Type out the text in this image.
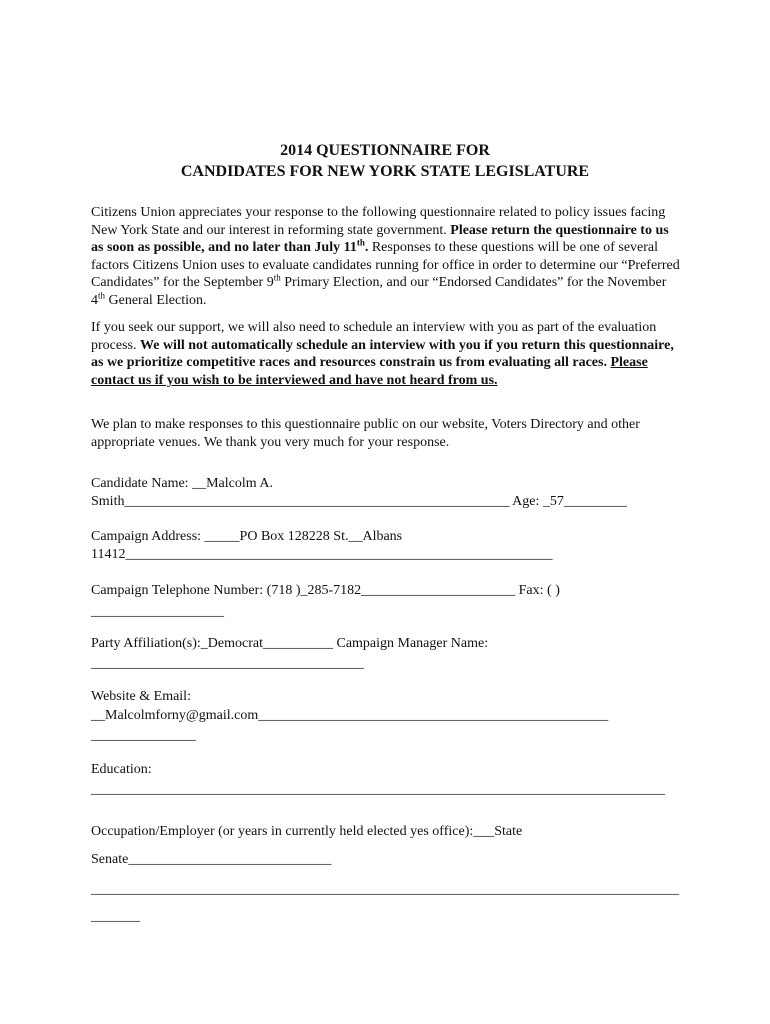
2014 QUESTIONNAIRE FOR
CANDIDATES FOR NEW YORK STATE LEGISLATURE
Citizens Union appreciates your response to the following questionnaire related to policy issues facing New York State and our interest in reforming state government. Please return the questionnaire to us as soon as possible, and no later than July 11th. Responses to these questions will be one of several factors Citizens Union uses to evaluate candidates running for office in order to determine our “Preferred Candidates” for the September 9th Primary Election, and our “Endorsed Candidates” for the November 4th General Election.
If you seek our support, we will also need to schedule an interview with you as part of the evaluation process. We will not automatically schedule an interview with you if you return this questionnaire, as we prioritize competitive races and resources constrain us from evaluating all races. Please contact us if you wish to be interviewed and have not heard from us.
We plan to make responses to this questionnaire public on our website, Voters Directory and other appropriate venues. We thank you very much for your response.
Candidate Name: __Malcolm A.
Smith_______________________________________________________ Age: _57_________
Campaign Address: _____PO Box 128228 St.__Albans
11412_____________________________________________________________
Campaign Telephone Number: (718 )_285-7182______________________ Fax: ( )
___________________
Party Affiliation(s):_Democrat__________ Campaign Manager Name:
_______________________________________
Website & Email:
__Malcolmforny@gmail.com__________________________________________________
_______________
Education:
__________________________________________________________________________________
Occupation/Employer (or years in currently held elected yes office):___State
Senate_____________________________
____________________________________________________________________________________
_______
